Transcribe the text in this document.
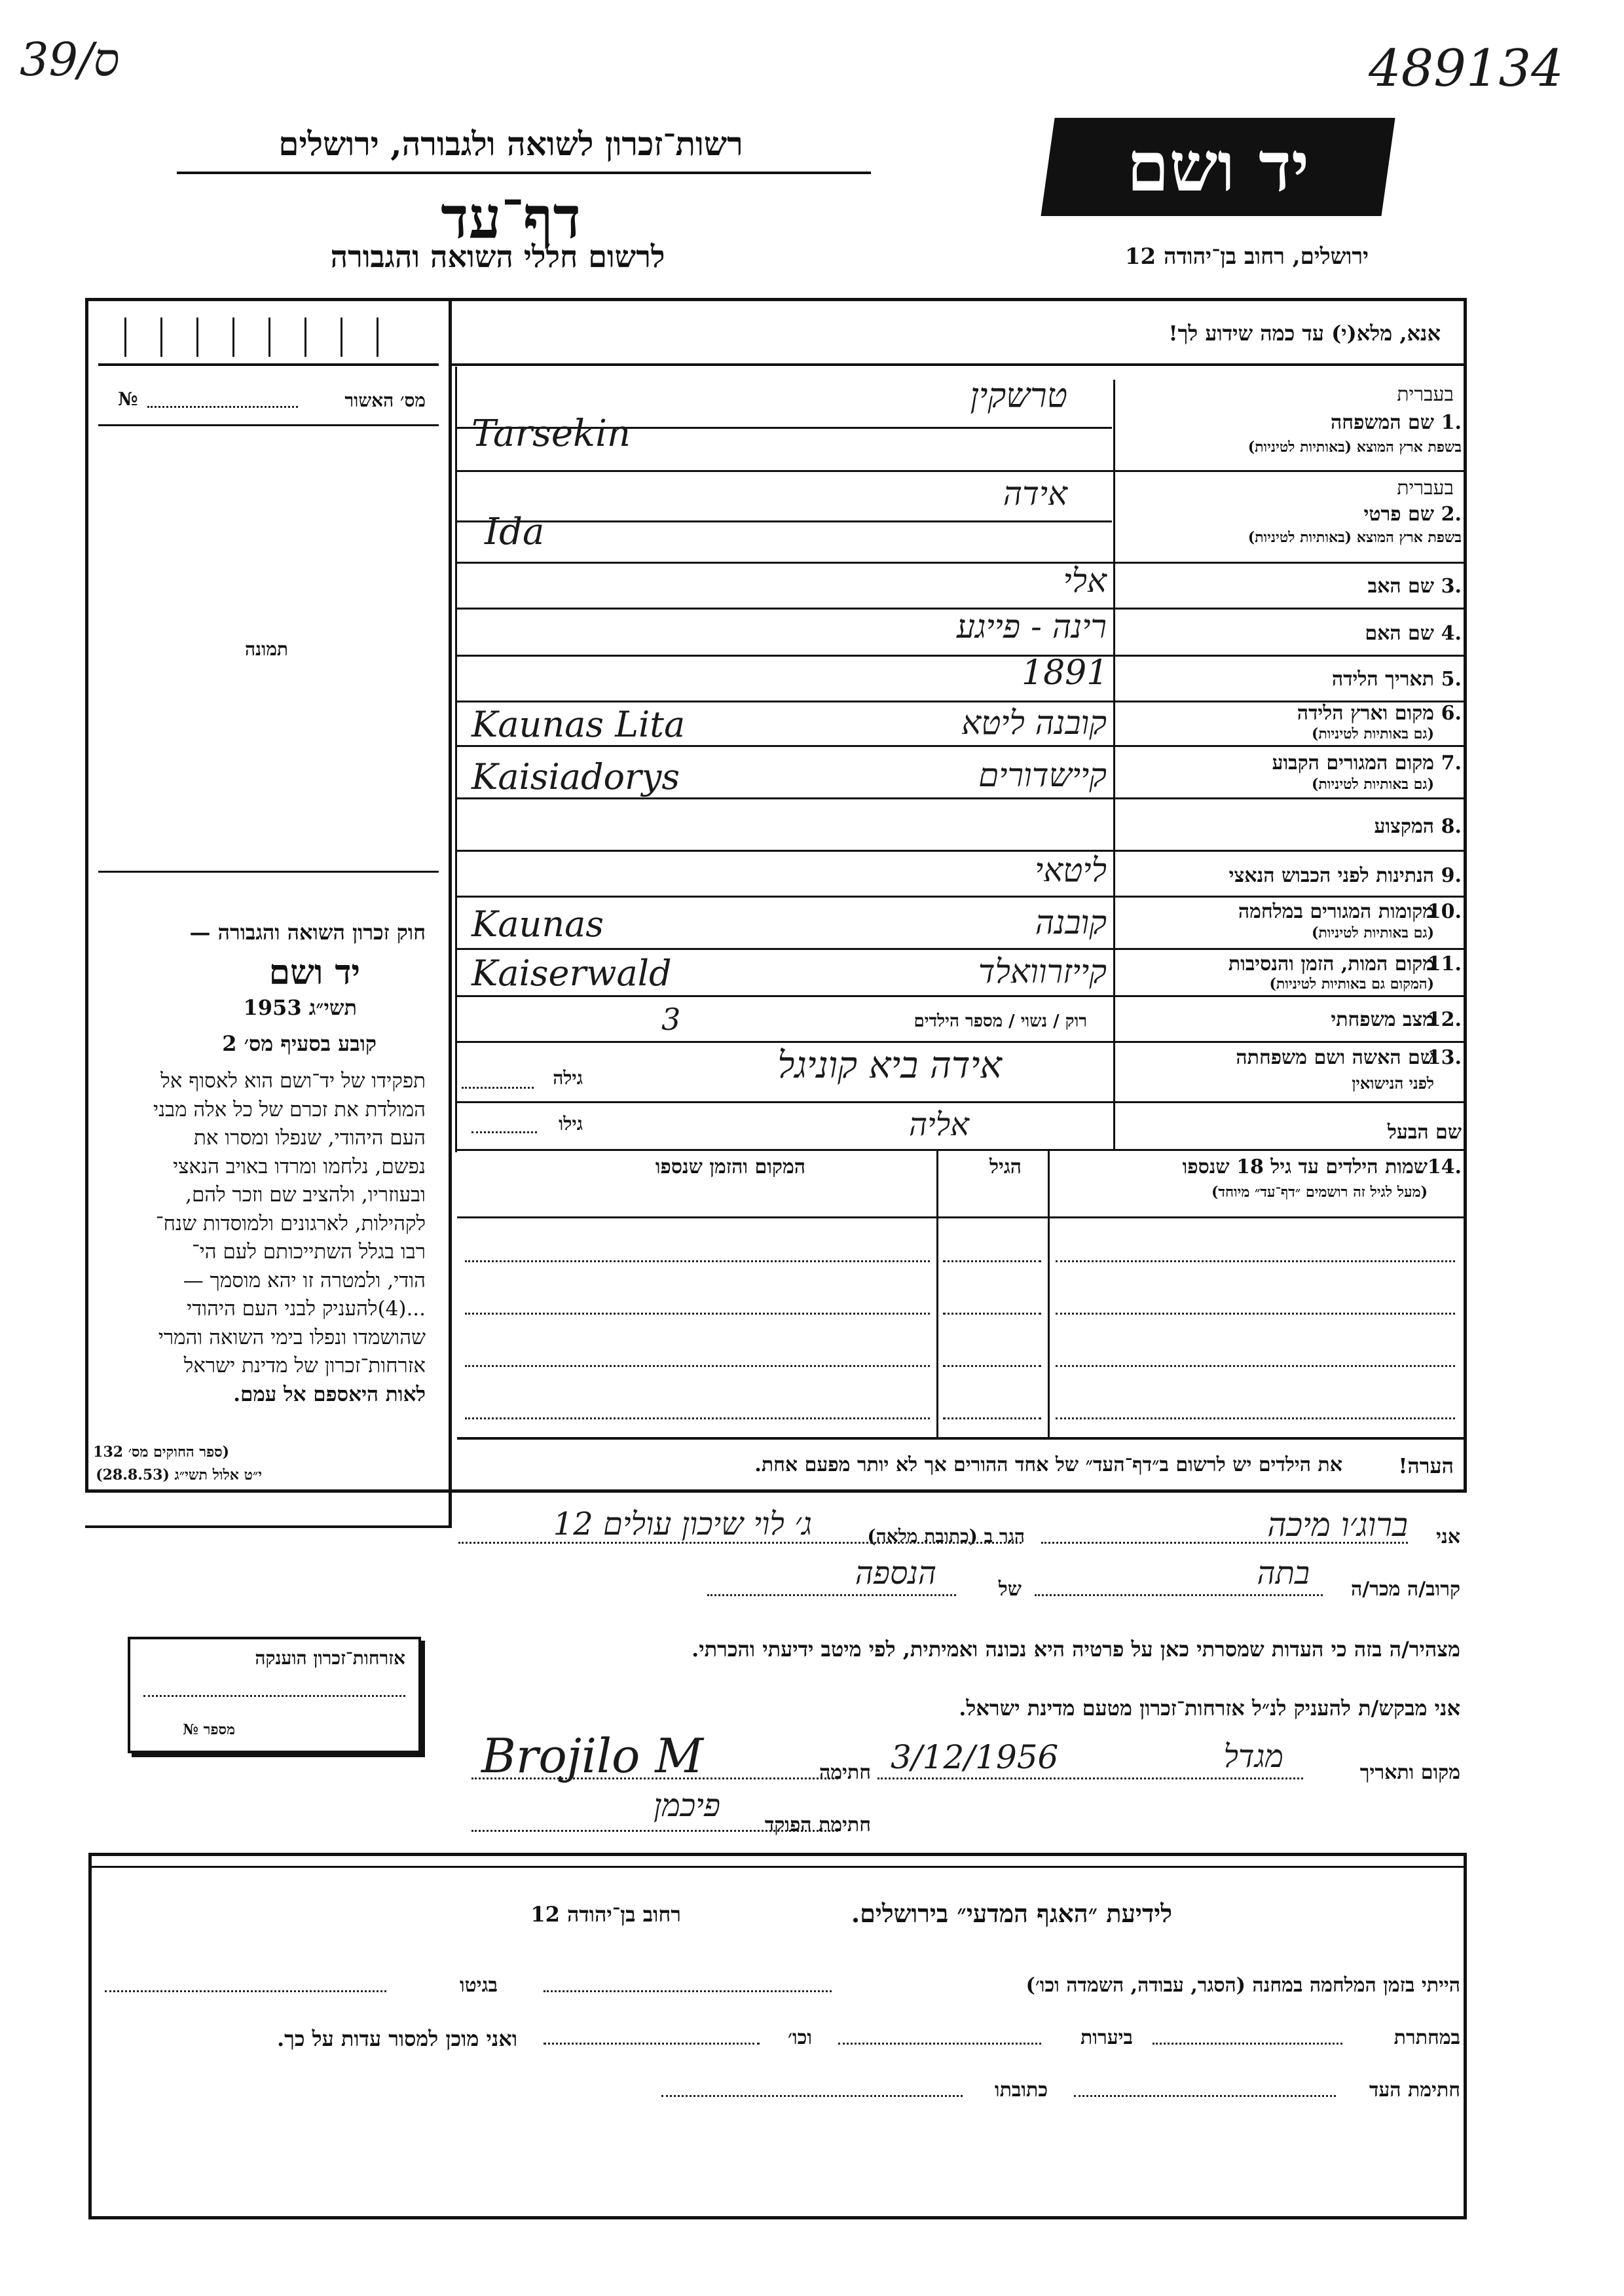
39/ס	489134
רשות־זכרון לשואה ולגבורה, ירושלים
דף־עד
לרשום חללי השואה והגבורה
יד ושם
ירושלים, רחוב בן־יהודה 12
אנא, מלא(י) עד כמה שידוע לך!
מס׳ האשור
№
תמונה
חוק זכרון השואה והגבורה —
יד ושם
תשי״ג 1953
קובע בסעיף מס׳ 2
תפקידו של יד־ושם הוא לאסוף אל
המולדת את זכרם של כל אלה מבני
העם היהודי, שנפלו ומסרו את
נפשם, נלחמו ומרדו באויב הנאצי
ובעוזריו, ולהציב שם וזכר להם,
לקהילות, לארגונים ולמוסדות שנח־
רבו בגלל השתייכותם לעם הי־
הודי, ולמטרה זו יהא מוסמך —
...(4)להעניק לבני העם היהודי
שהושמדו ונפלו בימי השואה והמרי
אזרחות־זכרון של מדינת ישראל
לאות היאספם אל עמם.
(ספר החוקים מס׳ 132
י״ט אלול תשי״ג (28.8.53)
אזרחות־זכרון הוענקה
מספר №
בעברית
1.
שם המשפחה
בשפת ארץ המוצא (באותיות לטיניות)
טרשקין
Tarsekin
בעברית
2.
שם פרטי
בשפת ארץ המוצא (באותיות לטיניות)
אידה
Ida
3.
שם האב
אלי
4.
שם האם
רינה - פייגע
5.
תאריך הלידה
1891
6.
מקום וארץ הלידה
(גם באותיות לטיניות)
קובנה ליטא
Kaunas Lita
7.
מקום המגורים הקבוע
(גם באותיות לטיניות)
קיישדורים
Kaisiadorys
8.
המקצוע
9.
הנתינות לפני הכבוש הנאצי
ליטאי
10.
מקומות המגורים במלחמה
(גם באותיות לטיניות)
קובנה
Kaunas
11.
מקום המות, הזמן והנסיבות
(המקום גם באותיות לטיניות)
קייזרוואלד
Kaiserwald
12.
מצב משפחתי
רוק / נשוי / מספר הילדים
3
13.
שם האשה ושם משפחתה
לפני הנישואין
גילה	אידה ביא קוניגל
שם הבעל
גילו	אליה
14.
שמות הילדים עד גיל 18 שנספו
(מעל לגיל זה רושמים ״דף־עד״ מיוחד)
הגיל
המקום והזמן שנספו
הערה!
את הילדים יש לרשום ב״דף־העד״ של אחד ההורים אך לא יותר מפעם אחת.
אני
ברוג׳ו מיכה
הגר ב (כתובת מלאה)
ג׳ לוי שיכון עולים 12
קרוב/ה מכר/ה
בתה
של
הנספה
מצהיר/ה בזה כי העדות שמסרתי כאן על פרטיה היא נכונה ואמיתית, לפי מיטב ידיעתי והכרתי.
אני מבקש/ת להעניק לנ״ל אזרחות־זכרון מטעם מדינת ישראל.
מקום ותאריך
מגדל
3/12/1956
חתימה
Brojilo M
חתימת הפוקד
פיכמן
לידיעת ״האגף המדעי״ בירושלים.
רחוב בן־יהודה 12
הייתי בזמן המלחמה במחנה (הסגר, עבודה, השמדה וכו׳)
בגיטו
במחתרת
ביערות
וכו׳
ואני מוכן למסור עדות על כך.
חתימת העד
כתובתו
